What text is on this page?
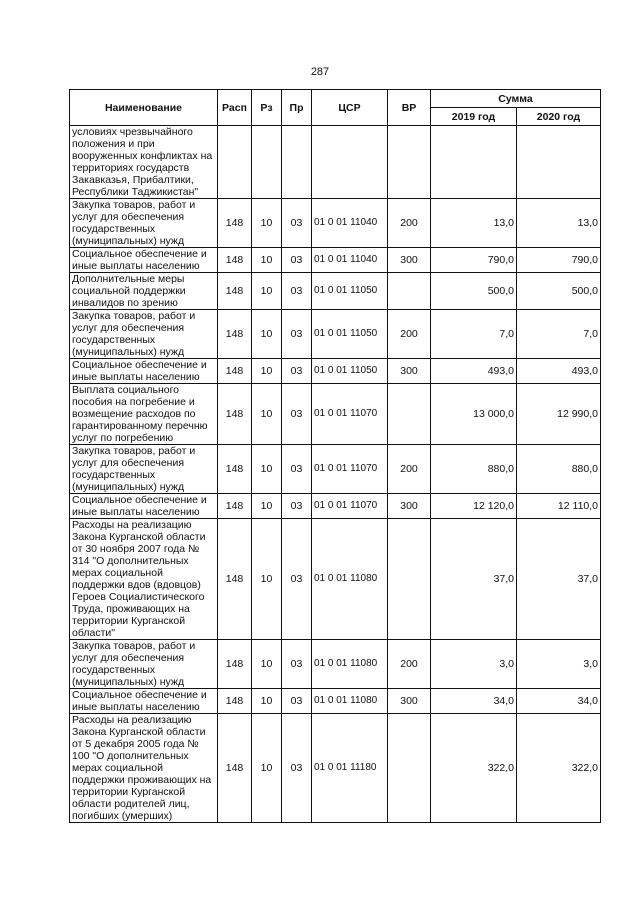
287
Наименование	Расп	Рз	Пр	ЦСР	ВР	Сумма	
						2019 год	2020 год
условиях чрезвычайного положения и при вооруженных конфликтах на территориях государств Закавказья, Прибалтики, Республики Таджикистан"							
Закупка товаров, работ и услуг для обеспечения государственных (муниципальных) нужд	148	10	03	01 0 01 11040	200	13,0	13,0
Социальное обеспечение и иные выплаты населению	148	10	03	01 0 01 11040	300	790,0	790,0
Дополнительные меры социальной поддержки инвалидов по зрению	148	10	03	01 0 01 11050		500,0	500,0
Закупка товаров, работ и услуг для обеспечения государственных (муниципальных) нужд	148	10	03	01 0 01 11050	200	7,0	7,0
Социальное обеспечение и иные выплаты населению	148	10	03	01 0 01 11050	300	493,0	493,0
Выплата социального пособия на погребение и возмещение расходов по гарантированному перечню услуг по погребению	148	10	03	01 0 01 11070		13 000,0	12 990,0
Закупка товаров, работ и услуг для обеспечения государственных (муниципальных) нужд	148	10	03	01 0 01 11070	200	880,0	880,0
Социальное обеспечение и иные выплаты населению	148	10	03	01 0 01 11070	300	12 120,0	12 110,0
Расходы на реализацию Закона Курганской области от 30 ноября 2007 года № 314 "О дополнительных мерах социальной поддержки вдов (вдовцов) Героев Социалистического Труда, проживающих на территории Курганской области"	148	10	03	01 0 01 11080		37,0	37,0
Закупка товаров, работ и услуг для обеспечения государственных (муниципальных) нужд	148	10	03	01 0 01 11080	200	3,0	3,0
Социальное обеспечение и иные выплаты населению	148	10	03	01 0 01 11080	300	34,0	34,0
Расходы на реализацию Закона Курганской области от 5 декабря 2005 года № 100 "О дополнительных мерах социальной поддержки проживающих на территории Курганской области родителей лиц, погибших (умерших)	148	10	03	01 0 01 11180		322,0	322,0
